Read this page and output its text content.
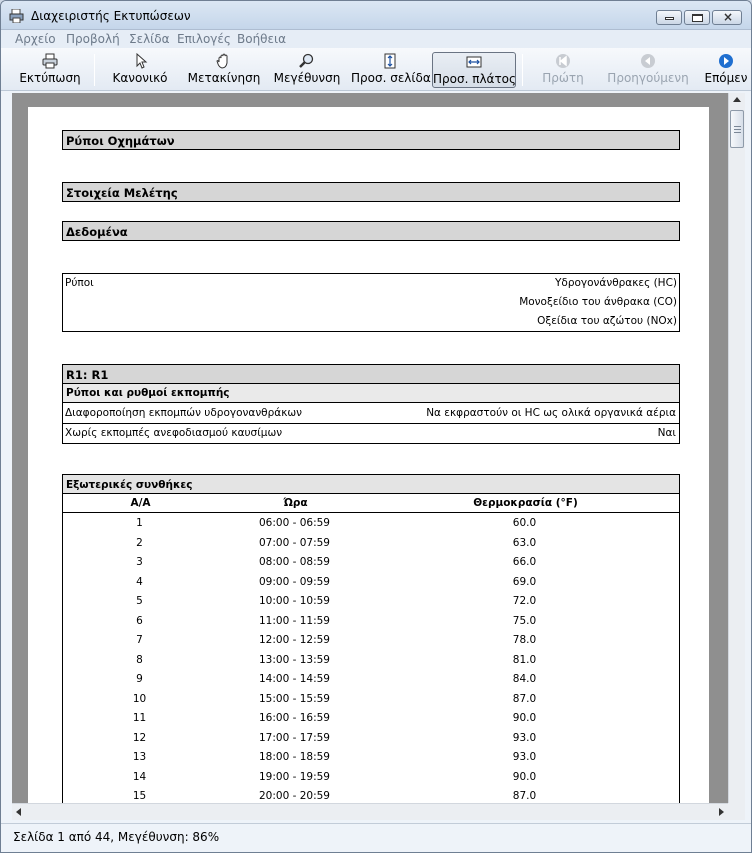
Διαχειριστής Εκτυπώσεων	×
Αρχείο Προβολή Σελίδα Επιλογές Βοήθεια
Εκτύπωση	Κανονικό	Μετακίνηση Μεγέθυνση Προσ. σελίδα Προσ. πλάτος	Πρώτη	Προηγούμενη Επόμεν
Ρύποι Οχημάτων
Στοιχεία Μελέτης
Δεδομένα
Ρύποι	Υδρογονάνθρακες (HC)
Μονοξείδιο του άνθρακα (CO)
Οξείδια του αζώτου (NOx)
R1: R1
Ρύποι και ρυθμοί εκπομπής
Διαφοροποίηση εκπομπών υδρογονανθράκων	Να εκφραστούν οι HC ως ολικά οργανικά αέρια
Χωρίς εκπομπές ανεφοδιασμού καυσίμων	Ναι
Εξωτερικές συνθήκες
Α/Α	Ώρα	Θερμοκρασία (°F)
1	06:00 - 06:59	60.0
2	07:00 - 07:59	63.0
3	08:00 - 08:59	66.0
4	09:00 - 09:59	69.0
5	10:00 - 10:59	72.0
6	11:00 - 11:59	75.0
7	12:00 - 12:59	78.0
8	13:00 - 13:59	81.0
9	14:00 - 14:59	84.0
10	15:00 - 15:59	87.0
11	16:00 - 16:59	90.0
12	17:00 - 17:59	93.0
13	18:00 - 18:59	93.0
14	19:00 - 19:59	90.0
15	20:00 - 20:59	87.0
Σελίδα 1 από 44, Μεγέθυνση: 86%
